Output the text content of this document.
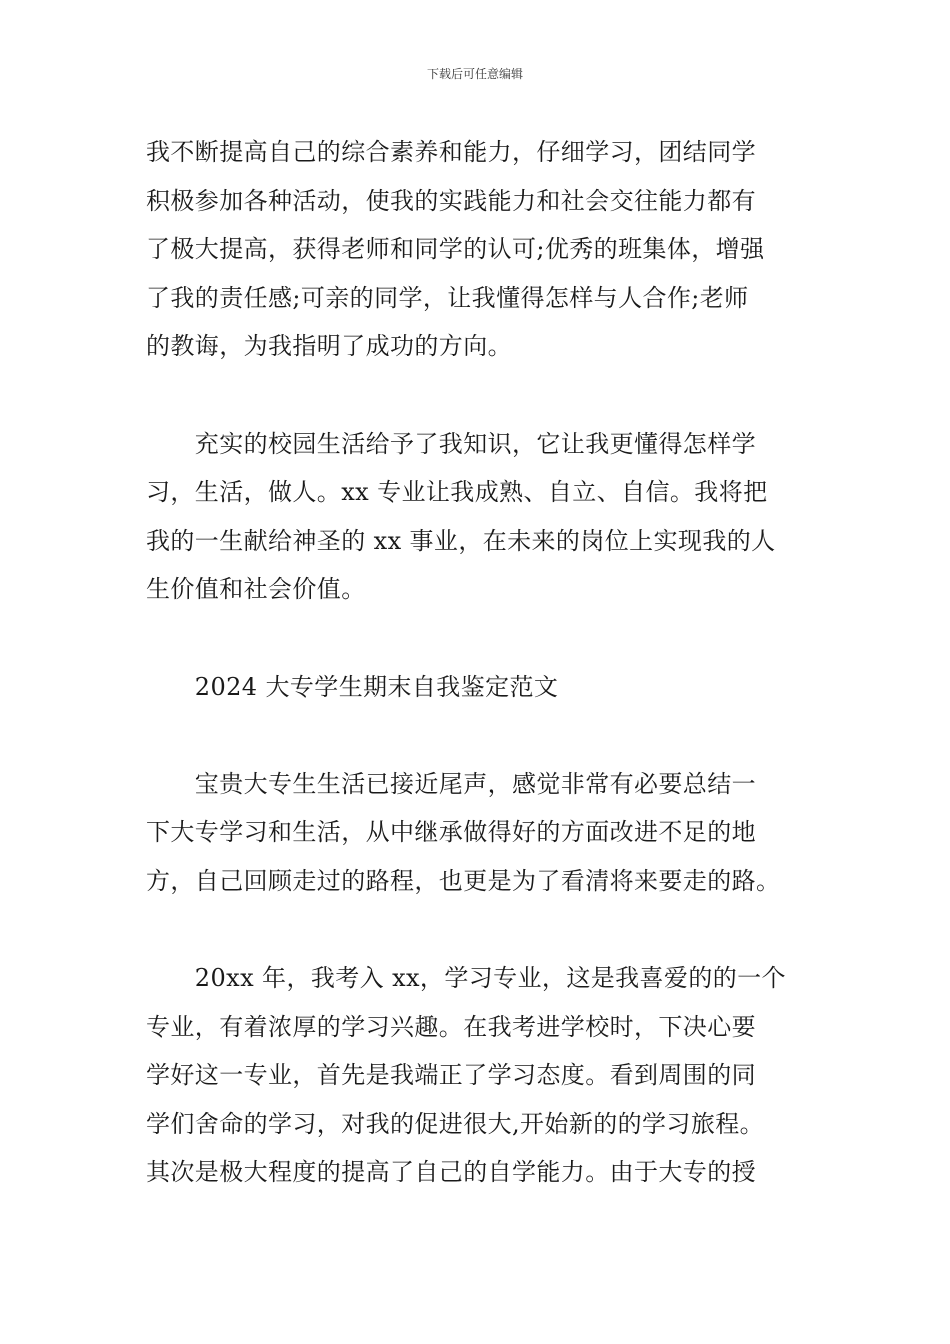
下载后可任意编辑
我不断提高自己的综合素养和能力，仔细学习，团结同学
积极参加各种活动，使我的实践能力和社会交往能力都有
了极大提高，获得老师和同学的认可;优秀的班集体，增强
了我的责任感;可亲的同学，让我懂得怎样与人合作;老师
的教诲，为我指明了成功的方向。
　　充实的校园生活给予了我知识，它让我更懂得怎样学
习，生活，做人。xx 专业让我成熟、自立、自信。我将把
我的一生献给神圣的 xx 事业，在未来的岗位上实现我的人
生价值和社会价值。
　　2024 大专学生期末自我鉴定范文
　　宝贵大专生生活已接近尾声，感觉非常有必要总结一
下大专学习和生活，从中继承做得好的方面改进不足的地
方，自己回顾走过的路程，也更是为了看清将来要走的路。
　　20xx 年，我考入 xx，学习专业，这是我喜爱的的一个
专业，有着浓厚的学习兴趣。在我考进学校时，下决心要
学好这一专业，首先是我端正了学习态度。看到周围的同
学们舍命的学习，对我的促进很大,开始新的的学习旅程。
其次是极大程度的提高了自己的自学能力。由于大专的授
